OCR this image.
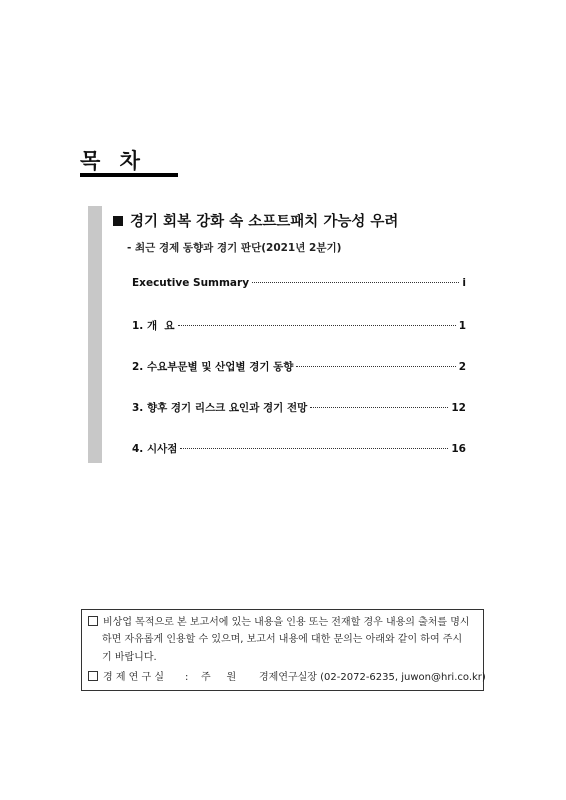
목 차
경기 회복 강화 속 소프트패치 가능성 우려
- 최근 경제 동향과 경기 판단(2021년 2분기)
Executive Summary	i
1. 개  요	1
2. 수요부문별 및 산업별 경기 동향	2
3. 향후 경기 리스크 요인과 경기 전망	12
4. 시사점	16
비상업 목적으로 본 보고서에 있는 내용을 인용 또는 전재할 경우 내용의 출처를 명시
하면 자유롭게 인용할 수 있으며, 보고서 내용에 대한 문의는 아래와 같이 하여 주시
기 바랍니다.
경 제 연 구 실 : 주     원 경제연구실장 (02-2072-6235, juwon@hri.co.kr)
